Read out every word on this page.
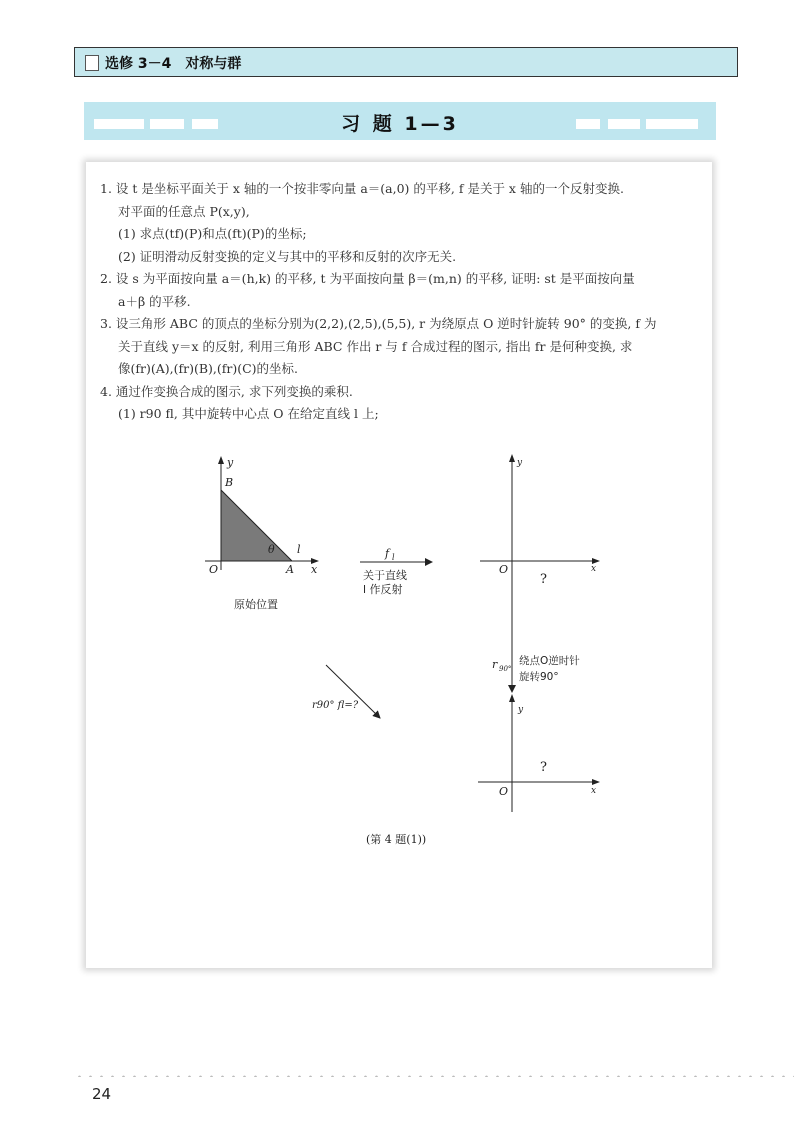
选修 3－4　对称与群
习 题 1—3

1. 设 t 是坐标平面关于 x 轴的一个按非零向量 a＝(a,0) 的平移, f 是关于 x 轴的一个反射变换.

对平面的任意点 P(x,y),

(1) 求点(tf)(P)和点(ft)(P)的坐标;

(2) 证明滑动反射变换的定义与其中的平移和反射的次序无关.

2. 设 s 为平面按向量 a＝(h,k) 的平移, t 为平面按向量 β＝(m,n) 的平移, 证明: st 是平面按向量

a＋β 的平移.

3. 设三角形 ABC 的顶点的坐标分别为(2,2),(2,5),(5,5), r 为绕原点 O 逆时针旋转 90° 的变换, f 为

关于直线 y＝x 的反射, 利用三角形 ABC 作出 r 与 f 合成过程的图示, 指出 fr 是何种变换, 求

像(fr)(A),(fr)(B),(fr)(C)的坐标.

4. 通过作变换合成的图示, 求下列变换的乘积.

(1) r90 fl, 其中旋转中心点 O 在给定直线 l 上;

y
B
θ l
O	A x
原始位置
f l
关于直线
l 作反射
y
O	x
?
r 90°
绕点O逆时针
旋转90°
y
O	x
?
r90° fl=?
(第 4 题(1))
24
